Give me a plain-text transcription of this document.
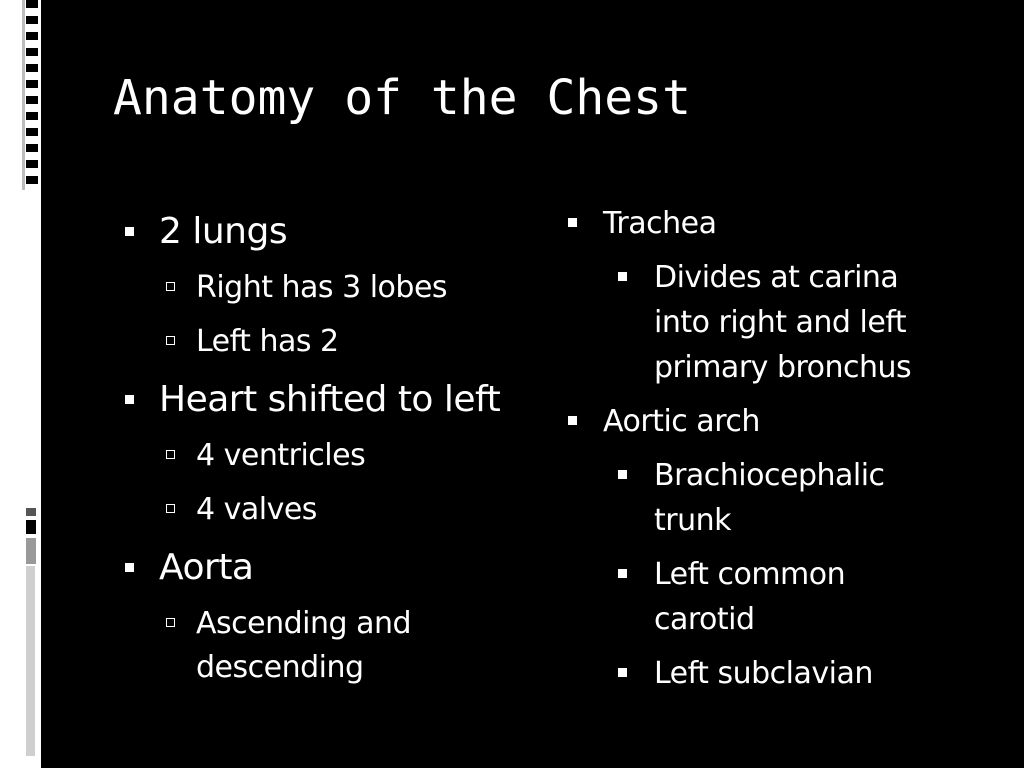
Anatomy of the Chest
2 lungs
Right has 3 lobes
Left has 2
Heart shifted to left
4 ventricles
4 valves
Aorta
Ascending and
descending
Trachea
Divides at carina
into right and left
primary bronchus
Aortic arch
Brachiocephalic
trunk
Left common
carotid
Left subclavian
